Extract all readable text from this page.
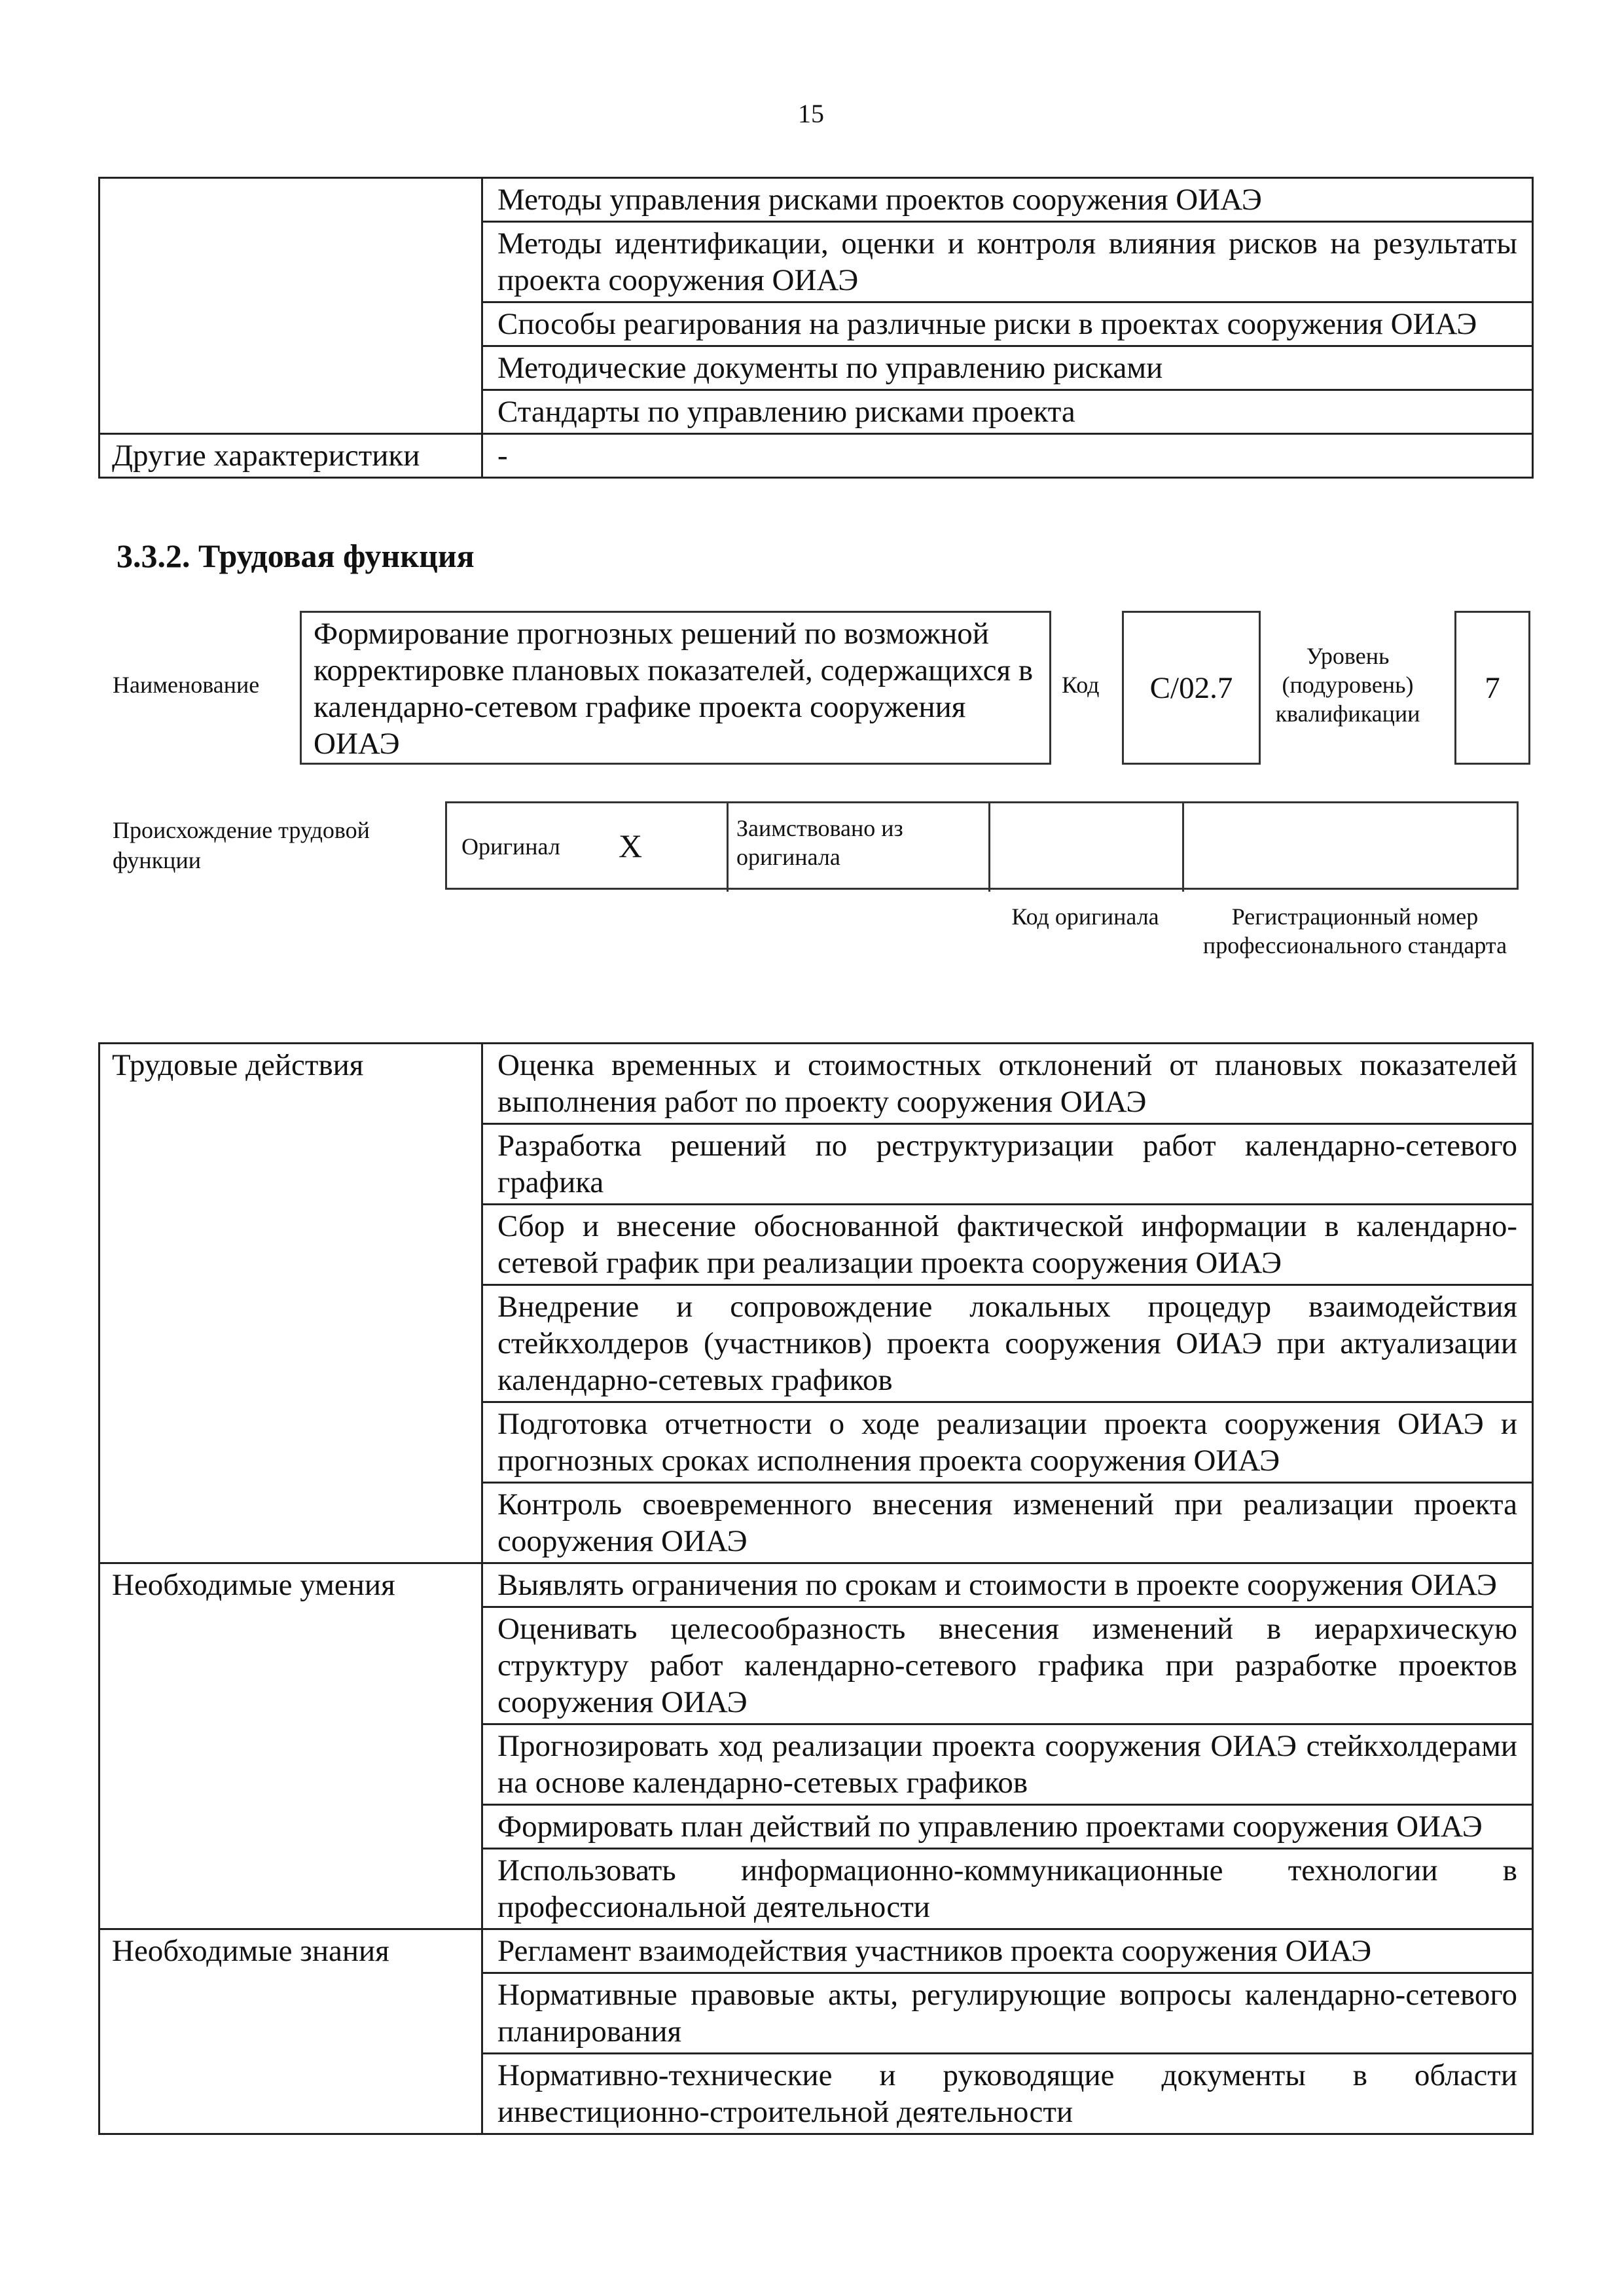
15
	Методы управления рисками проектов сооружения ОИАЭ
	Методы идентификации, оценки и контроля влияния рисков на результаты проекта сооружения ОИАЭ
	Способы реагирования на различные риски в проектах сооружения ОИАЭ
	Методические документы по управлению рисками
	Стандарты по управлению рисками проекта
Другие характеристики	-
3.3.2. Трудовая функция
Наименование
Формирование прогнозных решений по возможной корректировке плановых показателей, содержащихся в календарно-сетевом графике проекта сооружения ОИАЭ
Код	C/02.7
Уровень (подуровень) квалификации
7
Происхождение трудовой функции
Оригинал X	Заимствовано из оригинала
Код оригинала	Регистрационный номер профессионального стандарта
Трудовые действия	Оценка временных и стоимостных отклонений от плановых показателей выполнения работ по проекту сооружения ОИАЭ
	Разработка решений по реструктуризации работ календарно-сетевого графика
	Сбор и внесение обоснованной фактической информации в календарно-сетевой график при реализации проекта сооружения ОИАЭ
	Внедрение и сопровождение локальных процедур взаимодействия стейкхолдеров (участников) проекта сооружения ОИАЭ при актуализации календарно-сетевых графиков
	Подготовка отчетности о ходе реализации проекта сооружения ОИАЭ и прогнозных сроках исполнения проекта сооружения ОИАЭ
	Контроль своевременного внесения изменений при реализации проекта сооружения ОИАЭ
Необходимые умения	Выявлять ограничения по срокам и стоимости в проекте сооружения ОИАЭ
	Оценивать целесообразность внесения изменений в иерархическую структуру работ календарно-сетевого графика при разработке проектов сооружения ОИАЭ
	Прогнозировать ход реализации проекта сооружения ОИАЭ стейкхолдерами на основе календарно-сетевых графиков
	Формировать план действий по управлению проектами сооружения ОИАЭ
	Использовать информационно-коммуникационные технологии в профессиональной деятельности
Необходимые знания	Регламент взаимодействия участников проекта сооружения ОИАЭ
	Нормативные правовые акты, регулирующие вопросы календарно-сетевого планирования
	Нормативно-технические и руководящие документы в области инвестиционно-строительной деятельности
